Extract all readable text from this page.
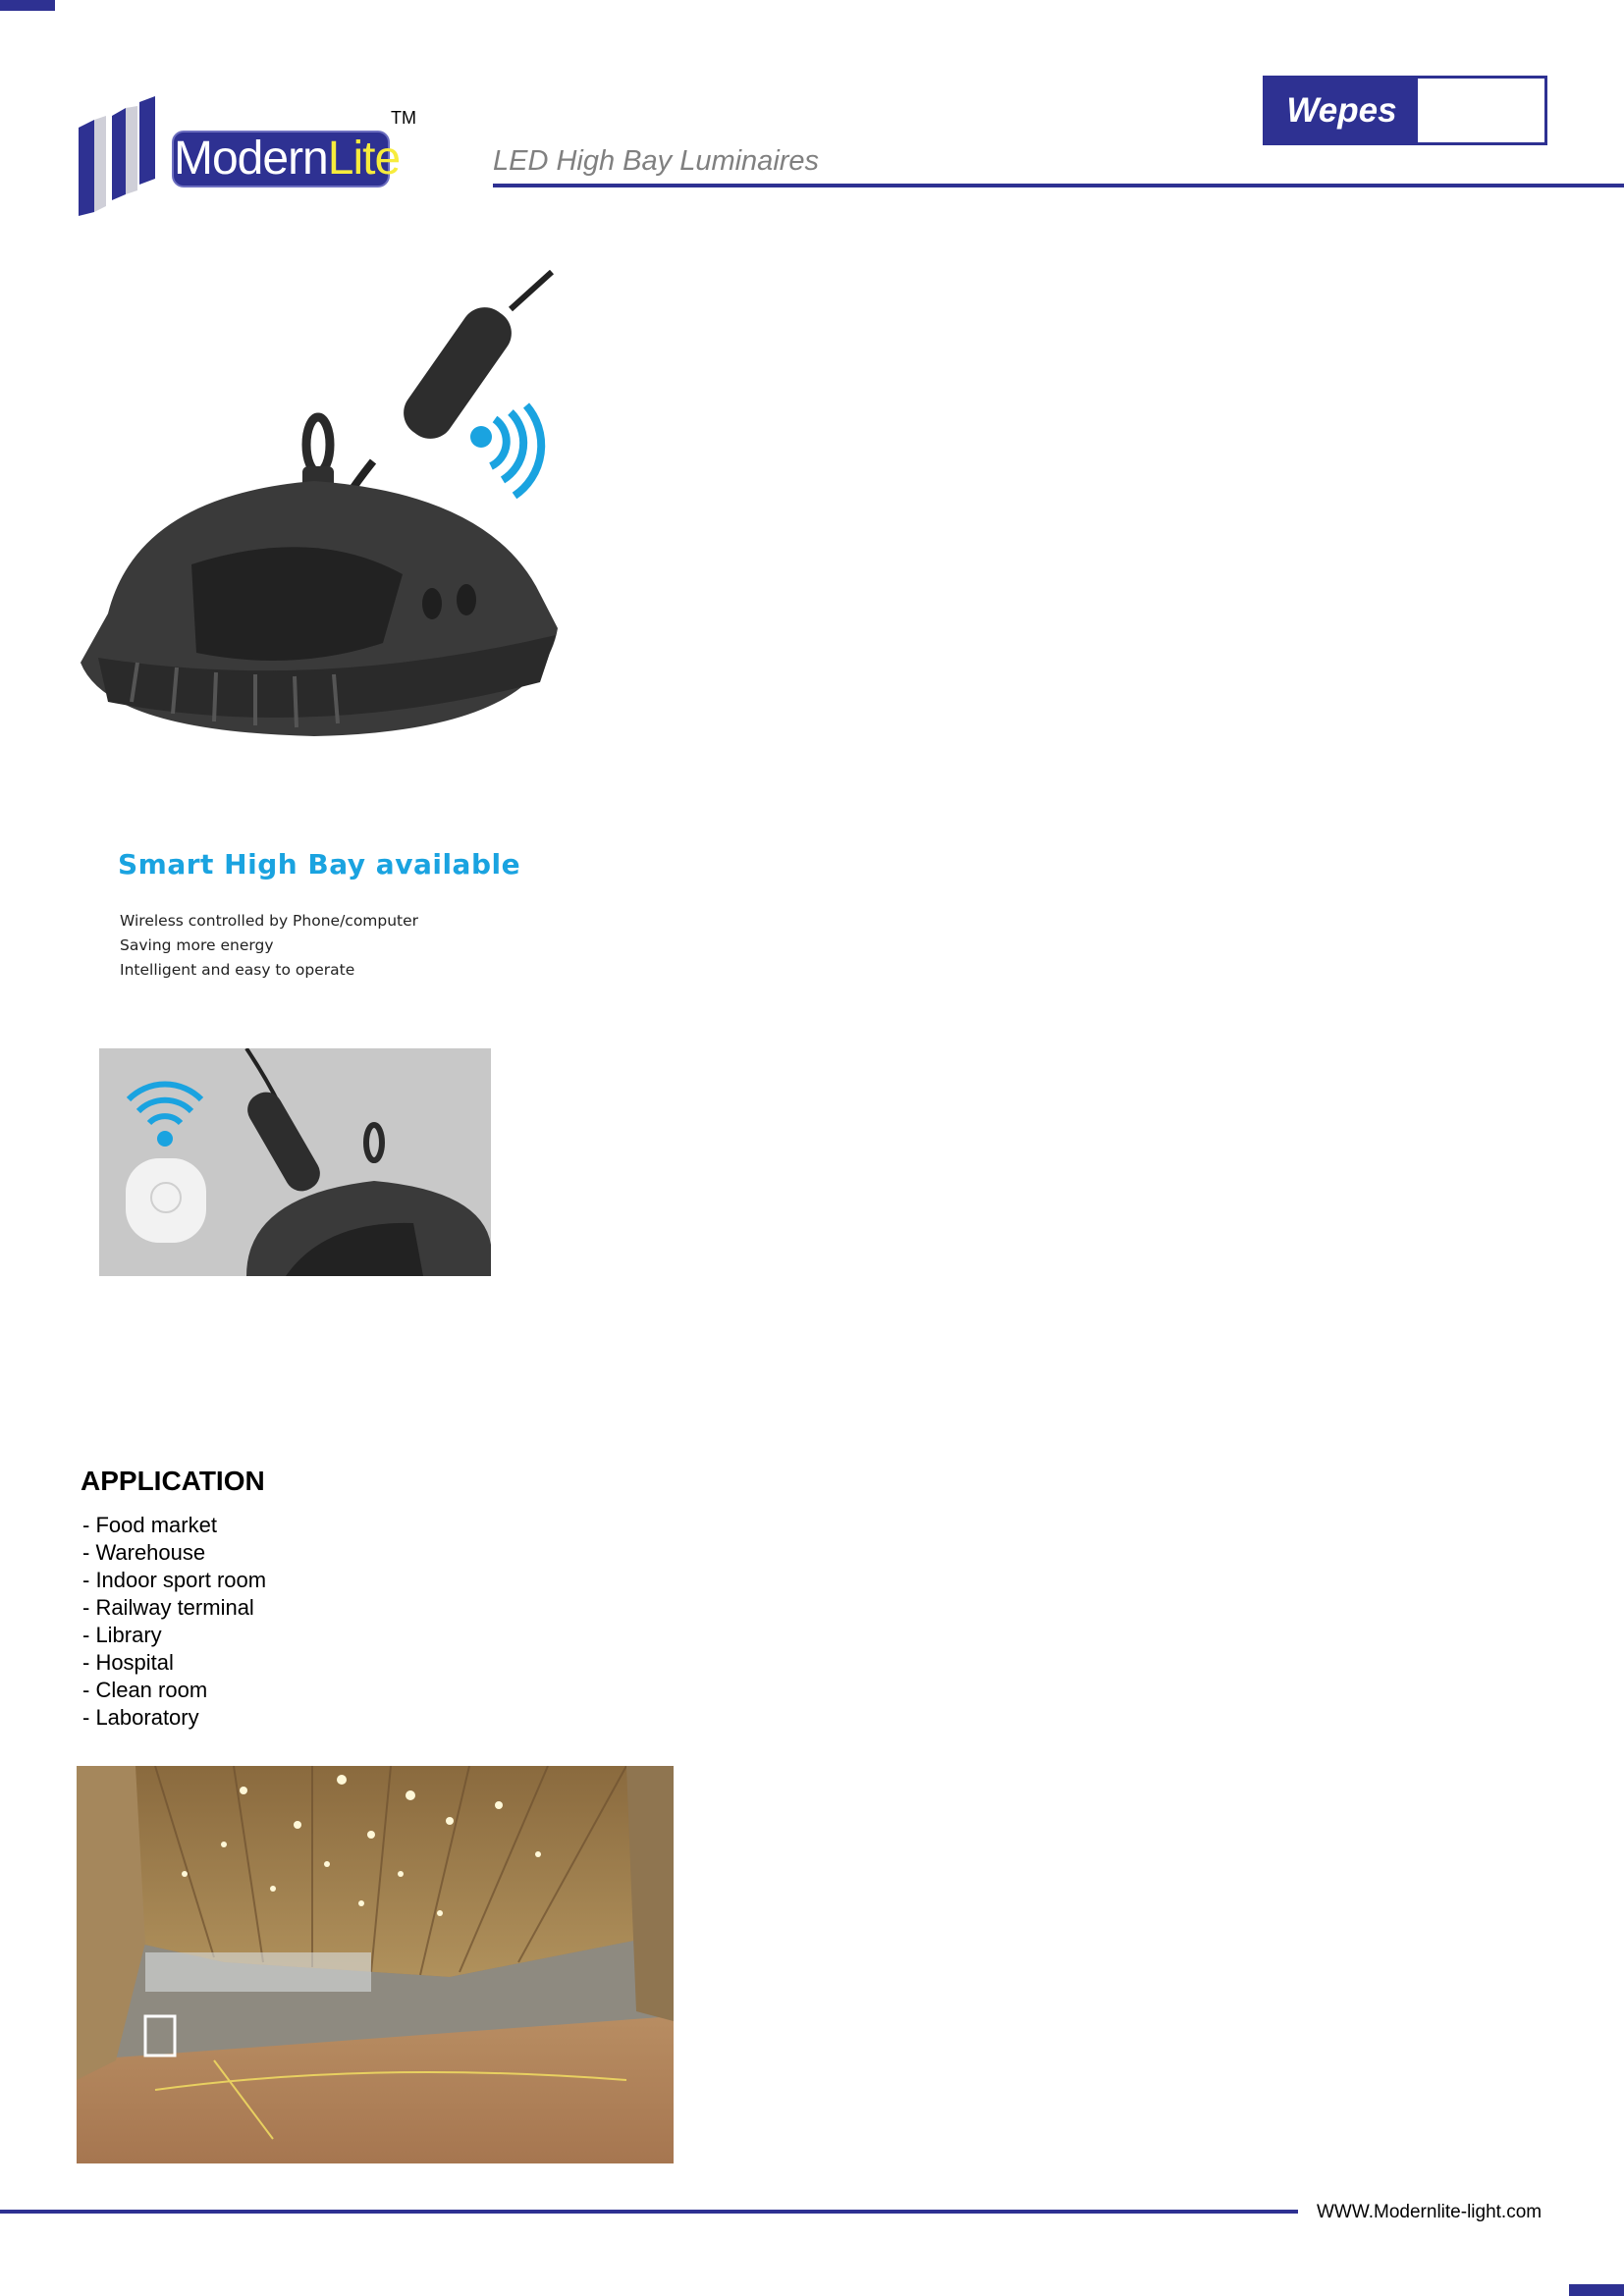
ModernLite
TM
LED High Bay Luminaires
Wepes
Smart High Bay available
Wireless controlled by Phone/computer
Saving more energy
Intelligent and easy to operate
APPLICATION
- Food market
- Warehouse
- Indoor sport room
- Railway terminal
- Library
- Hospital
- Clean room
- Laboratory
WWW.Modernlite-light.com
